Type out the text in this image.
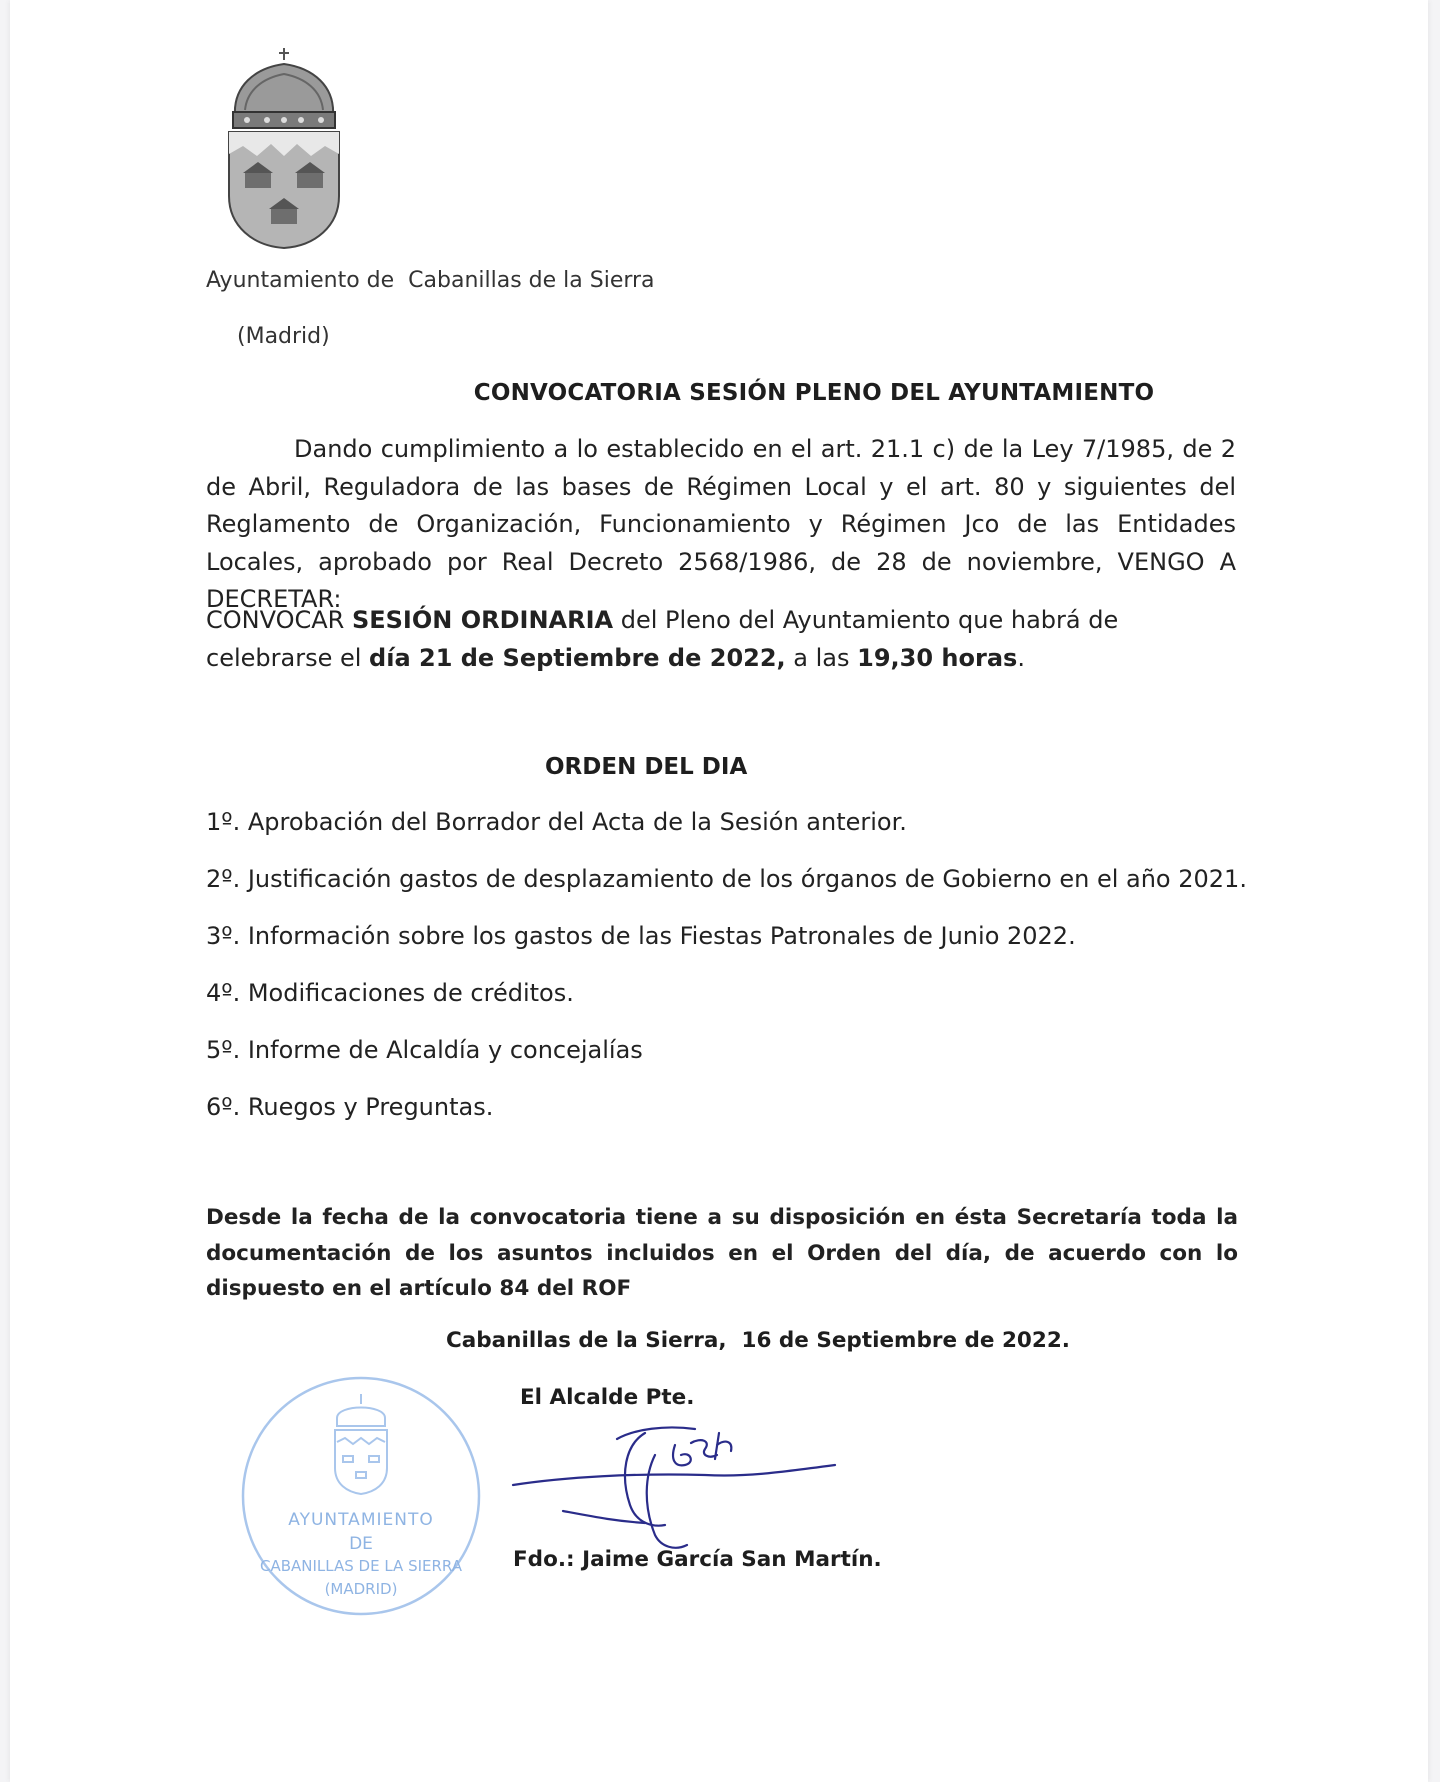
Ayuntamiento de  Cabanillas de la Sierra
(Madrid)
CONVOCATORIA SESIÓN PLENO DEL AYUNTAMIENTO

Dando cumplimiento a lo establecido en el art. 21.1 c) de la Ley 7/1985, de 2 de Abril, Reguladora de las bases de Régimen Local y el art. 80 y siguientes del Reglamento de Organización, Funcionamiento y Régimen Jco de las Entidades Locales, aprobado por Real Decreto 2568/1986, de 28 de noviembre, VENGO A DECRETAR:

CONVOCAR SESIÓN ORDINARIA del Pleno del Ayuntamiento que habrá de celebrarse el día 21 de Septiembre de 2022, a las 19,30 horas.

ORDEN DEL DIA
1º. Aprobación del Borrador del Acta de la Sesión anterior.
2º. Justificación gastos de desplazamiento de los órganos de Gobierno en el año 2021.
3º. Información sobre los gastos de las Fiestas Patronales de Junio 2022.
4º. Modificaciones de créditos.
5º. Informe de Alcaldía y concejalías
6º. Ruegos y Preguntas.

Desde la fecha de la convocatoria tiene a su disposición en ésta Secretaría toda la documentación de los asuntos incluidos en el Orden del día, de acuerdo con lo dispuesto en el artículo 84 del ROF

Cabanillas de la Sierra,  16 de Septiembre de 2022.
El Alcalde Pte.
AYUNTAMIENTO
DE
CABANILLAS DE LA SIERRA
(MADRID)
Fdo.: Jaime García San Martín.
